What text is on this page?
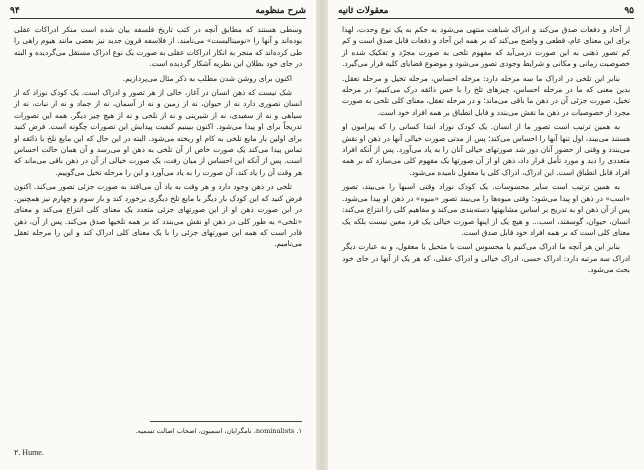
شرح منظومه
۹۴

وسطی هستند که مطابق آنچه در کتب تاریخ فلسفه بیان شده است منکر ادراکات عقلی بوده‌اند و آنها را «نومینالیست» می‌نامند. از فلاسفه قرون جدید نیز بعضی مانند هیوم راهی را طی کرده‌اند که منجر به انکار ادراکات عقلی به صورت یک نوع ادراک مستقل می‌گردیده و البته در جای خود بطلان این نظریه آشکار گردیده است.

اکنون برای روشن شدن مطلب به ذکر مثال می‌پردازیم.

شک نیست که ذهن انسان در آغاز، خالی از هر تصور و ادراک است. یک کودک نوزاد که از انسان تصوری دارد نه از حیوان، نه از زمین و نه از آسمان، نه از جماد و نه از نبات، نه از سیاهی و نه از سفیدی، نه از شیرینی و نه از تلخی و نه از هیچ چیز دیگر. همه این تصورات تدریجاً برای او پیدا می‌شود. اکنون ببینیم کیفیت پیدایش این تصورات چگونه است. فرض کنید برای اولین بار مایع تلخی به کام او ریخته می‌شود. البته در این حال که این مایع تلخ با ذائقه او تماس پیدا می‌کند یک صورت خاص از آن تلخی به ذهن او می‌رسد و آن همان حالت احساس است. پس از آنکه این احساس از میان رفت، یک صورت خیالی از آن در ذهن باقی می‌ماند که هر وقت آن را یاد کند، آن صورت را به یاد می‌آورد و این را مرحله تخیل می‌گوییم.

تلخی در ذهن وجود دارد و هر وقت به یاد آن می‌افتد به صورت جزئی تصور می‌کند. اکنون فرض کنید که این کودک بار دیگر با مایع تلخ دیگری برخورد کند و بار سوم و چهارم نیز همچنین. در این صورت ذهن او از این صورتهای جزئی متعدد یک معنای کلی انتزاع می‌کند و معنای «تلخی» به طور کلی در ذهن او نقش می‌بندد که بر همه تلخیها صدق می‌کند. پس از آن، ذهن قادر است که همه این صورتهای جزئی را با یک معنای کلی ادراک کند و این را مرحله تعقل می‌نامیم.

۱. nominalists، نامگرایان، اسمیون، اصحاب اصالت تسمیه.
۲. Hume.
۹۵
معقولات ثانیه

از آحاد و دفعات صدق می‌کند و ادراک شباهت منتهی می‌شود به حکم به یک نوع وحدت، لهذا برای این معنای عام، قطعی و واضح می‌کند که بر همه این آحاد و دفعات قابل صدق است و کم کم تصور ذهنی به این صورت درمی‌آید که مفهوم تلخی به صورت مجرّد و تفکیک شده از خصوصیت زمانی و مکانی و شرایط وجودی تصور می‌شود و موضوع قضایای کلیه قرار می‌گیرد.

بنابر این تلخی در ادراک ما سه مرحله دارد: مرحله احساس، مرحله تخیل و مرحله تعقل. بدین معنی که ما در مرحله احساس، چیزهای تلخ را با حس ذائقه درک می‌کنیم؛ در مرحله تخیل، صورت جزئی آن در ذهن ما باقی می‌ماند؛ و در مرحله تعقل، معنای کلی تلخی به صورت مجرد از خصوصیات در ذهن ما نقش می‌بندد و قابل انطباق بر همه افراد خود است.

به همین ترتیب است تصور ما از انسان. یک کودک نوزاد ابتدا کسانی را که پیرامون او هستند می‌بیند، اول تنها آنها را احساس می‌کند؛ پس از مدتی صورت خیالی آنها در ذهن او نقش می‌بندد و وقتی از حضور آنان دور شد صورتهای خیالی آنان را به یاد می‌آورد. پس از آنکه افراد متعددی را دید و مورد تأمل قرار داد، ذهن او از آن صورتها یک مفهوم کلی می‌سازد که بر همه افراد قابل انطباق است. این ادراک، ادراک کلی یا معقول نامیده می‌شود.

به همین ترتیب است سایر محسوسات. یک کودک نوزاد وقتی اسبها را می‌بیند، تصور «اسب» در ذهن او پیدا می‌شود؛ وقتی میوه‌ها را می‌بیند تصور «میوه» در ذهن او پیدا می‌شود. پس از آن ذهن او به تدریج بر اساس مشابهتها دسته‌بندی می‌کند و مفاهیم کلی را انتزاع می‌کند: انسان، حیوان، گوسفند، اسب... و هیچ یک از اینها صورت خیالی یک فرد معین نیست بلکه یک معنای کلی است که بر همه افراد خود قابل صدق است.

بنابر این هر آنچه ما ادراک می‌کنیم یا محسوس است یا متخیل یا معقول، و به عبارت دیگر ادراک سه مرتبه دارد: ادراک حسی، ادراک خیالی و ادراک عقلی، که هر یک از آنها در جای خود بحث می‌شود.
